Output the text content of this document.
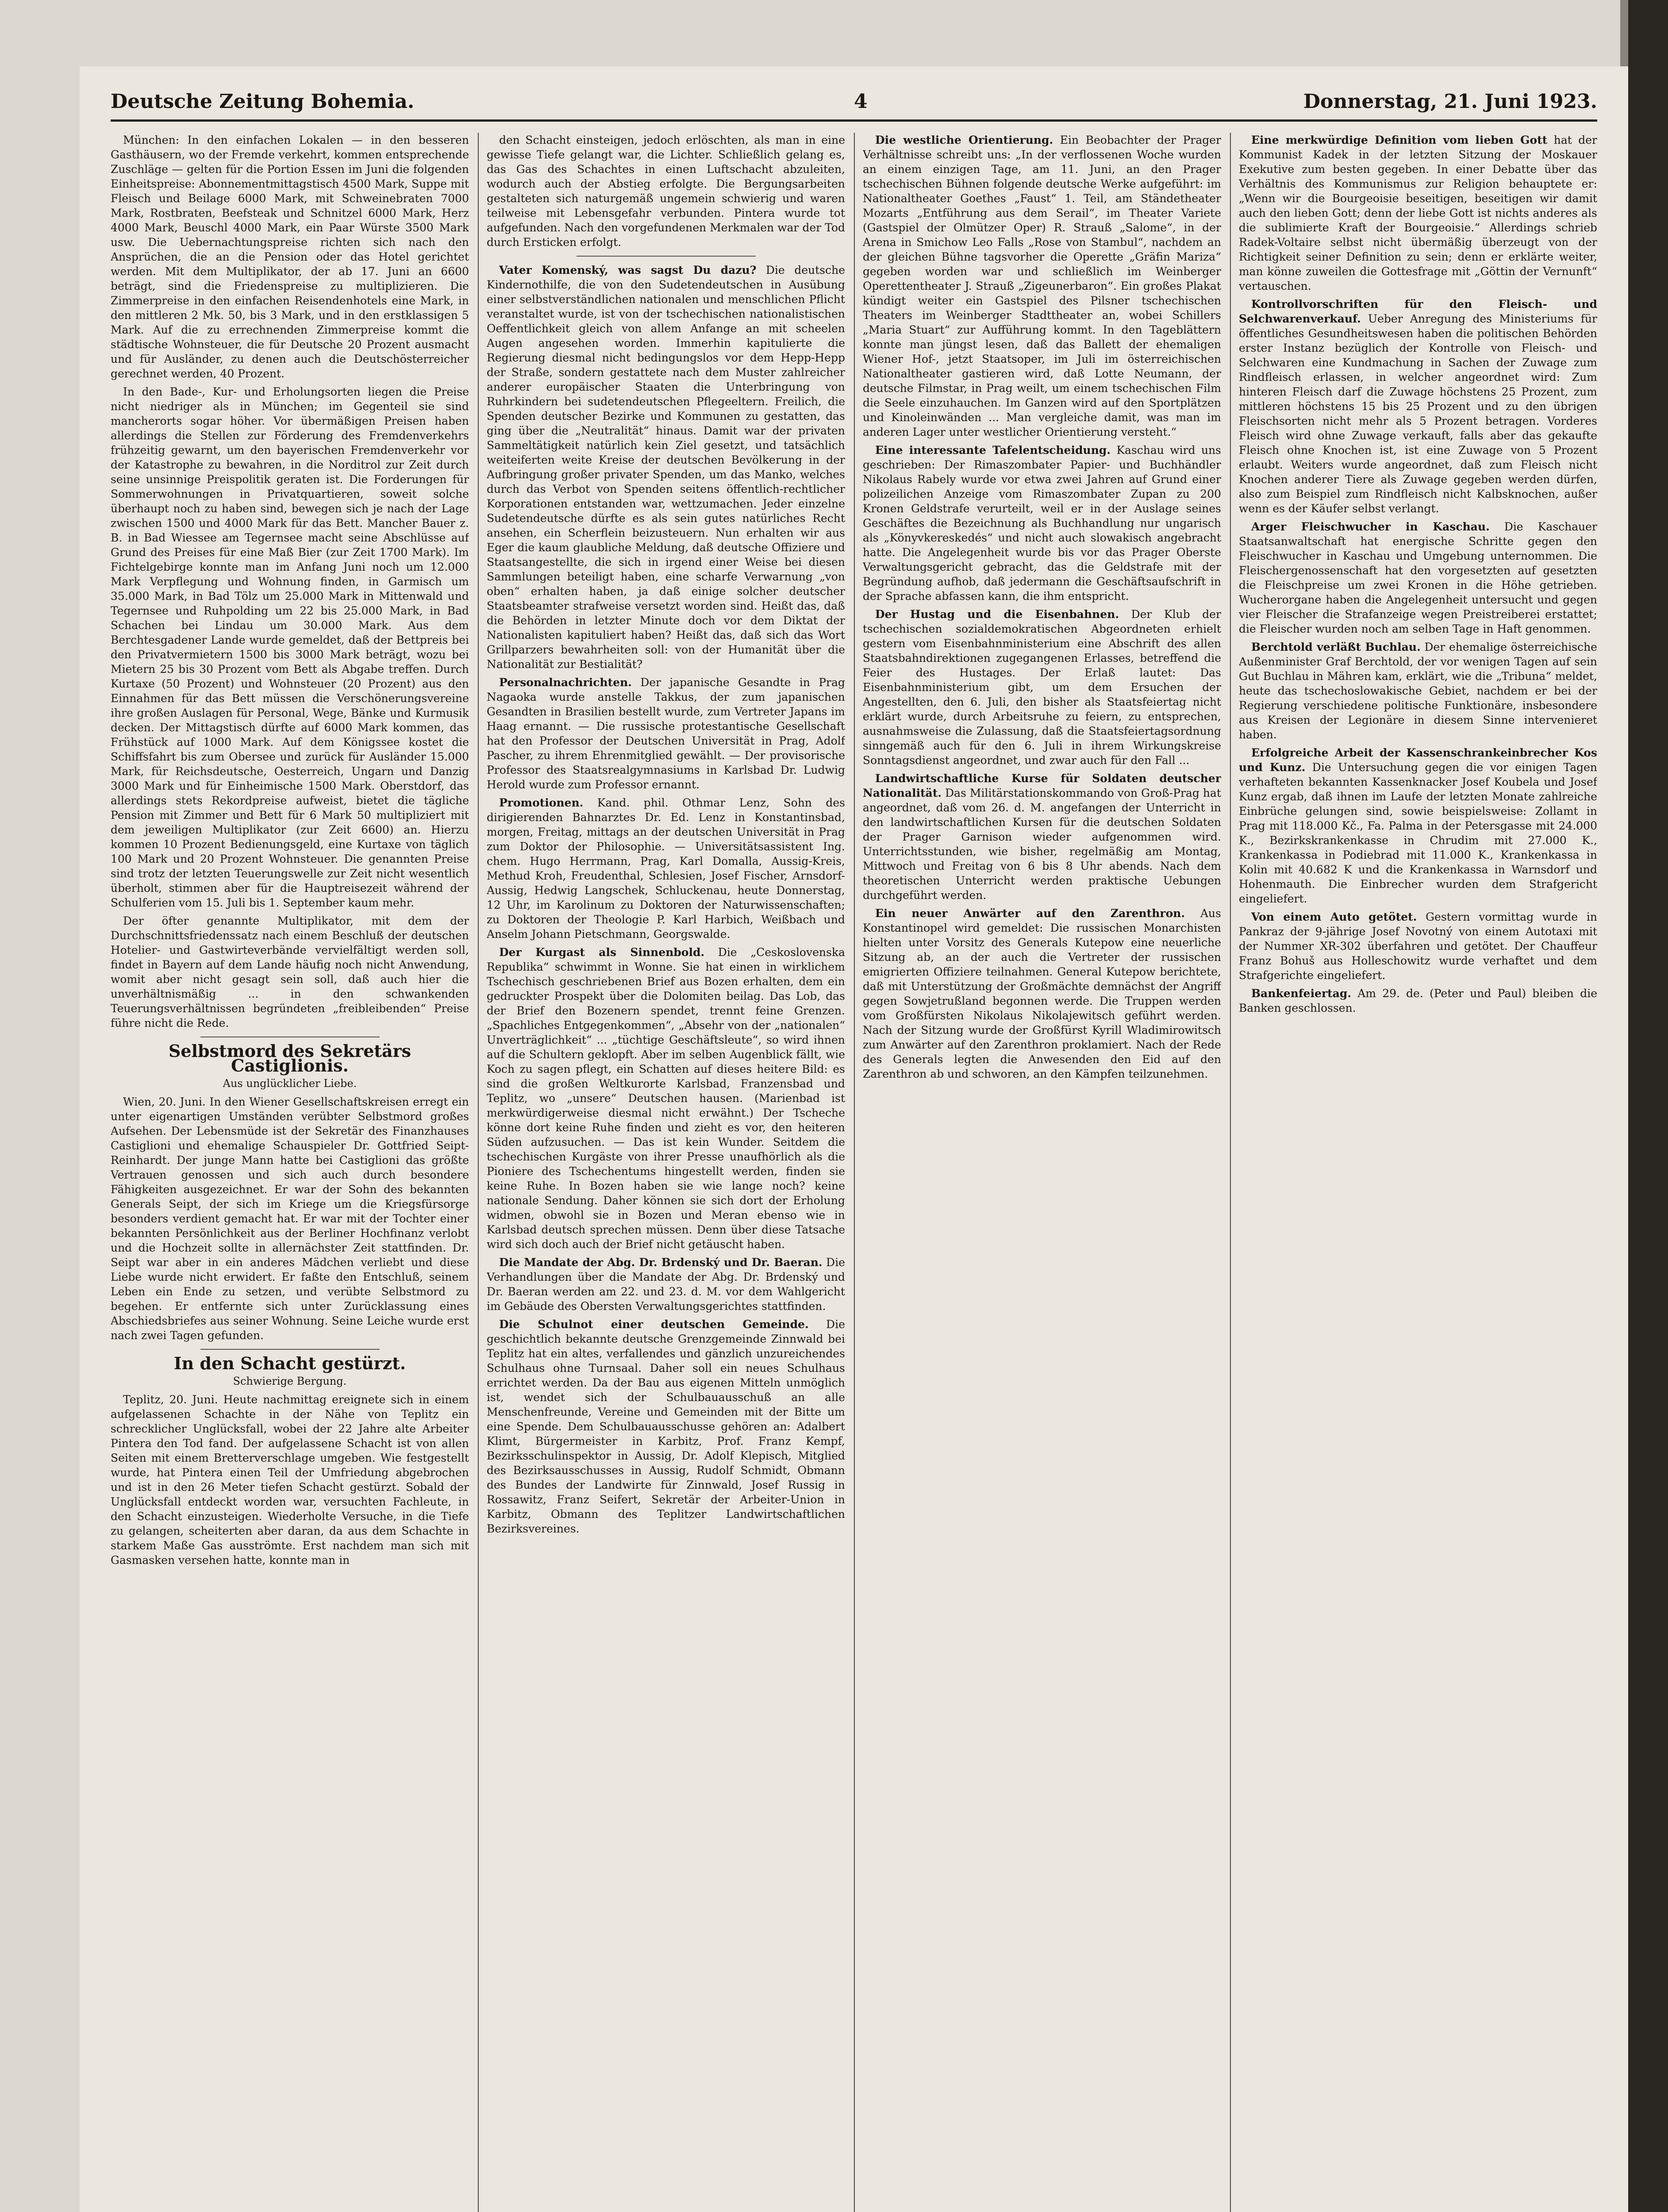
Deutsche Zeitung Bohemia.	4	Donnerstag, 21. Juni 1923.

München: In den einfachen Lokalen — in den besseren Gasthäusern, wo der Fremde verkehrt, kommen entsprechende Zuschläge — gelten für die Portion Essen im Juni die folgenden Einheitspreise: Abonnementmittagstisch 4500 Mark, Suppe mit Fleisch und Beilage 6000 Mark, mit Schweinebraten 7000 Mark, Rostbraten, Beefsteak und Schnitzel 6000 Mark, Herz 4000 Mark, Beuschl 4000 Mark, ein Paar Würste 3500 Mark usw. Die Uebernachtungspreise richten sich nach den Ansprüchen, die an die Pension oder das Hotel gerichtet werden. Mit dem Multiplikator, der ab 17. Juni an 6600 beträgt, sind die Friedenspreise zu multiplizieren. Die Zimmerpreise in den einfachen Reisendenhotels eine Mark, in den mittleren 2 Mk. 50, bis 3 Mark, und in den erstklassigen 5 Mark. Auf die zu errechnenden Zimmerpreise kommt die städtische Wohnsteuer, die für Deutsche 20 Prozent ausmacht und für Ausländer, zu denen auch die Deutschösterreicher gerechnet werden, 40 Prozent.

In den Bade-, Kur- und Erholungsorten liegen die Preise nicht niedriger als in München; im Gegenteil sie sind mancherorts sogar höher. Vor übermäßigen Preisen haben allerdings die Stellen zur Förderung des Fremdenverkehrs frühzeitig gewarnt, um den bayerischen Fremdenverkehr vor der Katastrophe zu bewahren, in die Norditrol zur Zeit durch seine unsinnige Preispolitik geraten ist. Die Forderungen für Sommerwohnungen in Privatquartieren, soweit solche überhaupt noch zu haben sind, bewegen sich je nach der Lage zwischen 1500 und 4000 Mark für das Bett. Mancher Bauer z. B. in Bad Wiessee am Tegernsee macht seine Abschlüsse auf Grund des Preises für eine Maß Bier (zur Zeit 1700 Mark). Im Fichtelgebirge konnte man im Anfang Juni noch um 12.000 Mark Verpflegung und Wohnung finden, in Garmisch um 35.000 Mark, in Bad Tölz um 25.000 Mark in Mittenwald und Tegernsee und Ruhpolding um 22 bis 25.000 Mark, in Bad Schachen bei Lindau um 30.000 Mark. Aus dem Berchtesgadener Lande wurde gemeldet, daß der Bettpreis bei den Privatvermietern 1500 bis 3000 Mark beträgt, wozu bei Mietern 25 bis 30 Prozent vom Bett als Abgabe treffen. Durch Kurtaxe (50 Prozent) und Wohnsteuer (20 Prozent) aus den Einnahmen für das Bett müssen die Verschönerungsvereine ihre großen Auslagen für Personal, Wege, Bänke und Kurmusik decken. Der Mittagstisch dürfte auf 6000 Mark kommen, das Frühstück auf 1000 Mark. Auf dem Königssee kostet die Schiffsfahrt bis zum Obersee und zurück für Ausländer 15.000 Mark, für Reichsdeutsche, Oesterreich, Ungarn und Danzig 3000 Mark und für Einheimische 1500 Mark. Oberstdorf, das allerdings stets Rekordpreise aufweist, bietet die tägliche Pension mit Zimmer und Bett für 6 Mark 50 multipliziert mit dem jeweiligen Multiplikator (zur Zeit 6600) an. Hierzu kommen 10 Prozent Bedienungsgeld, eine Kurtaxe von täglich 100 Mark und 20 Prozent Wohnsteuer. Die genannten Preise sind trotz der letzten Teuerungswelle zur Zeit nicht wesentlich überholt, stimmen aber für die Hauptreisezeit während der Schulferien vom 15. Juli bis 1. September kaum mehr.

Der öfter genannte Multiplikator, mit dem der Durchschnittsfriedenssatz nach einem Beschluß der deutschen Hotelier- und Gastwirteverbände vervielfältigt werden soll, findet in Bayern auf dem Lande häufig noch nicht Anwendung, womit aber nicht gesagt sein soll, daß auch hier die unverhältnismäßig ... in den schwankenden Teuerungsverhältnissen begründeten „freibleibenden“ Preise führe nicht die Rede.

Selbstmord des Sekretärs Castiglionis.

Aus unglücklicher Liebe.

Wien, 20. Juni. In den Wiener Gesellschaftskreisen erregt ein unter eigenartigen Umständen verübter Selbstmord großes Aufsehen. Der Lebensmüde ist der Sekretär des Finanzhauses Castiglioni und ehemalige Schauspieler Dr. Gottfried Seipt-Reinhardt. Der junge Mann hatte bei Castiglioni das größte Vertrauen genossen und sich auch durch besondere Fähigkeiten ausgezeichnet. Er war der Sohn des bekannten Generals Seipt, der sich im Kriege um die Kriegsfürsorge besonders verdient gemacht hat. Er war mit der Tochter einer bekannten Persönlichkeit aus der Berliner Hochfinanz verlobt und die Hochzeit sollte in allernächster Zeit stattfinden. Dr. Seipt war aber in ein anderes Mädchen verliebt und diese Liebe wurde nicht erwidert. Er faßte den Entschluß, seinem Leben ein Ende zu setzen, und verübte Selbstmord zu begehen. Er entfernte sich unter Zurücklassung eines Abschiedsbriefes aus seiner Wohnung. Seine Leiche wurde erst nach zwei Tagen gefunden.

In den Schacht gestürzt.

Schwierige Bergung.

Teplitz, 20. Juni. Heute nachmittag ereignete sich in einem aufgelassenen Schachte in der Nähe von Teplitz ein schrecklicher Unglücksfall, wobei der 22 Jahre alte Arbeiter Pintera den Tod fand. Der aufgelassene Schacht ist von allen Seiten mit einem Bretterverschlage umgeben. Wie festgestellt wurde, hat Pintera einen Teil der Umfriedung abgebrochen und ist in den 26 Meter tiefen Schacht gestürzt. Sobald der Unglücksfall entdeckt worden war, versuchten Fachleute, in den Schacht einzusteigen. Wiederholte Versuche, in die Tiefe zu gelangen, scheiterten aber daran, da aus dem Schachte in starkem Maße Gas ausströmte. Erst nachdem man sich mit Gasmasken versehen hatte, konnte man in

den Schacht einsteigen, jedoch erlöschten, als man in eine gewisse Tiefe gelangt war, die Lichter. Schließlich gelang es, das Gas des Schachtes in einen Luftschacht abzuleiten, wodurch auch der Abstieg erfolgte. Die Bergungsarbeiten gestalteten sich naturgemäß ungemein schwierig und waren teilweise mit Lebensgefahr verbunden. Pintera wurde tot aufgefunden. Nach den vorgefundenen Merkmalen war der Tod durch Ersticken erfolgt.

Vater Komenský, was sagst Du dazu? Die deutsche Kindernothilfe, die von den Sudetendeutschen in Ausübung einer selbstverständlichen nationalen und menschlichen Pflicht veranstaltet wurde, ist von der tschechischen nationalistischen Oeffentlichkeit gleich von allem Anfange an mit scheelen Augen angesehen worden. Immerhin kapitulierte die Regierung diesmal nicht bedingungslos vor dem Hepp-Hepp der Straße, sondern gestattete nach dem Muster zahlreicher anderer europäischer Staaten die Unterbringung von Ruhrkindern bei sudetendeutschen Pflegeeltern. Freilich, die Spenden deutscher Bezirke und Kommunen zu gestatten, das ging über die „Neutralität“ hinaus. Damit war der privaten Sammeltätigkeit natürlich kein Ziel gesetzt, und tatsächlich weiteiferten weite Kreise der deutschen Bevölkerung in der Aufbringung großer privater Spenden, um das Manko, welches durch das Verbot von Spenden seitens öffentlich-rechtlicher Korporationen entstanden war, wettzumachen. Jeder einzelne Sudetendeutsche dürfte es als sein gutes natürliches Recht ansehen, ein Scherflein beizusteuern. Nun erhalten wir aus Eger die kaum glaubliche Meldung, daß deutsche Offiziere und Staatsangestellte, die sich in irgend einer Weise bei diesen Sammlungen beteiligt haben, eine scharfe Verwarnung „von oben“ erhalten haben, ja daß einige solcher deutscher Staatsbeamter strafweise versetzt worden sind. Heißt das, daß die Behörden in letzter Minute doch vor dem Diktat der Nationalisten kapituliert haben? Heißt das, daß sich das Wort Grillparzers bewahrheiten soll: von der Humanität über die Nationalität zur Bestialität?

Personalnachrichten. Der japanische Gesandte in Prag Nagaoka wurde anstelle Takkus, der zum japanischen Gesandten in Brasilien bestellt wurde, zum Vertreter Japans im Haag ernannt. — Die russische protestantische Gesellschaft hat den Professor der Deutschen Universität in Prag, Adolf Pascher, zu ihrem Ehrenmitglied gewählt. — Der provisorische Professor des Staatsrealgymnasiums in Karlsbad Dr. Ludwig Herold wurde zum Professor ernannt.

Promotionen. Kand. phil. Othmar Lenz, Sohn des dirigierenden Bahnarztes Dr. Ed. Lenz in Konstantinsbad, morgen, Freitag, mittags an der deutschen Universität in Prag zum Doktor der Philosophie. — Universitätsassistent Ing. chem. Hugo Herrmann, Prag, Karl Domalla, Aussig-Kreis, Methud Kroh, Freudenthal, Schlesien, Josef Fischer, Arnsdorf-Aussig, Hedwig Langschek, Schluckenau, heute Donnerstag, 12 Uhr, im Karolinum zu Doktoren der Naturwissenschaften; zu Doktoren der Theologie P. Karl Harbich, Weißbach und Anselm Johann Pietschmann, Georgswalde.

Der Kurgast als Sinnenbold. Die „Ceskoslovenska Republika“ schwimmt in Wonne. Sie hat einen in wirklichem Tschechisch geschriebenen Brief aus Bozen erhalten, dem ein gedruckter Prospekt über die Dolomiten beilag. Das Lob, das der Brief den Bozenern spendet, trennt feine Grenzen. „Spachliches Entgegenkommen“, „Absehr von der „nationalen“ Unverträglichkeit“ ... „tüchtige Geschäftsleute“, so wird ihnen auf die Schultern geklopft. Aber im selben Augenblick fällt, wie Koch zu sagen pflegt, ein Schatten auf dieses heitere Bild: es sind die großen Weltkurorte Karlsbad, Franzensbad und Teplitz, wo „unsere“ Deutschen hausen. (Marienbad ist merkwürdigerweise diesmal nicht erwähnt.) Der Tscheche könne dort keine Ruhe finden und zieht es vor, den heiteren Süden aufzusuchen. — Das ist kein Wunder. Seitdem die tschechischen Kurgäste von ihrer Presse unaufhörlich als die Pioniere des Tschechentums hingestellt werden, finden sie keine Ruhe. In Bozen haben sie wie lange noch? keine nationale Sendung. Daher können sie sich dort der Erholung widmen, obwohl sie in Bozen und Meran ebenso wie in Karlsbad deutsch sprechen müssen. Denn über diese Tatsache wird sich doch auch der Brief nicht getäuscht haben.

Die Mandate der Abg. Dr. Brdenský und Dr. Baeran. Die Verhandlungen über die Mandate der Abg. Dr. Brdenský und Dr. Baeran werden am 22. und 23. d. M. vor dem Wahlgericht im Gebäude des Obersten Verwaltungsgerichtes stattfinden.

Die Schulnot einer deutschen Gemeinde. Die geschichtlich bekannte deutsche Grenzgemeinde Zinnwald bei Teplitz hat ein altes, verfallendes und gänzlich unzureichendes Schulhaus ohne Turnsaal. Daher soll ein neues Schulhaus errichtet werden. Da der Bau aus eigenen Mitteln unmöglich ist, wendet sich der Schulbauausschuß an alle Menschenfreunde, Vereine und Gemeinden mit der Bitte um eine Spende. Dem Schulbauausschusse gehören an: Adalbert Klimt, Bürgermeister in Karbitz, Prof. Franz Kempf, Bezirksschulinspektor in Aussig, Dr. Adolf Klepisch, Mitglied des Bezirksausschusses in Aussig, Rudolf Schmidt, Obmann des Bundes der Landwirte für Zinnwald, Josef Russig in Rossawitz, Franz Seifert, Sekretär der Arbeiter-Union in Karbitz, Obmann des Teplitzer Landwirtschaftlichen Bezirksvereines.

Die westliche Orientierung. Ein Beobachter der Prager Verhältnisse schreibt uns: „In der verflossenen Woche wurden an einem einzigen Tage, am 11. Juni, an den Prager tschechischen Bühnen folgende deutsche Werke aufgeführt: im Nationaltheater Goethes „Faust“ 1. Teil, am Ständetheater Mozarts „Entführung aus dem Serail“, im Theater Variete (Gastspiel der Olmützer Oper) R. Strauß „Salome“, in der Arena in Smichow Leo Falls „Rose von Stambul“, nachdem an der gleichen Bühne tagsvorher die Operette „Gräfin Mariza“ gegeben worden war und schließlich im Weinberger Operettentheater J. Strauß „Zigeunerbaron“. Ein großes Plakat kündigt weiter ein Gastspiel des Pilsner tschechischen Theaters im Weinberger Stadttheater an, wobei Schillers „Maria Stuart“ zur Aufführung kommt. In den Tageblättern konnte man jüngst lesen, daß das Ballett der ehemaligen Wiener Hof-, jetzt Staatsoper, im Juli im österreichischen Nationaltheater gastieren wird, daß Lotte Neumann, der deutsche Filmstar, in Prag weilt, um einem tschechischen Film die Seele einzuhauchen. Im Ganzen wird auf den Sportplätzen und Kinoleinwänden ... Man vergleiche damit, was man im anderen Lager unter westlicher Orientierung versteht.“

Eine interessante Tafelentscheidung. Kaschau wird uns geschrieben: Der Rimaszombater Papier- und Buchhändler Nikolaus Rabely wurde vor etwa zwei Jahren auf Grund einer polizeilichen Anzeige vom Rimaszombater Zupan zu 200 Kronen Geldstrafe verurteilt, weil er in der Auslage seines Geschäftes die Bezeichnung als Buchhandlung nur ungarisch als „Könyvkereskedés“ und nicht auch slowakisch angebracht hatte. Die Angelegenheit wurde bis vor das Prager Oberste Verwaltungsgericht gebracht, das die Geldstrafe mit der Begründung aufhob, daß jedermann die Geschäftsaufschrift in der Sprache abfassen kann, die ihm entspricht.

Der Hustag und die Eisenbahnen. Der Klub der tschechischen sozialdemokratischen Abgeordneten erhielt gestern vom Eisenbahnministerium eine Abschrift des allen Staatsbahndirektionen zugegangenen Erlasses, betreffend die Feier des Hustages. Der Erlaß lautet: Das Eisenbahnministerium gibt, um dem Ersuchen der Angestellten, den 6. Juli, den bisher als Staatsfeiertag nicht erklärt wurde, durch Arbeitsruhe zu feiern, zu entsprechen, ausnahmsweise die Zulassung, daß die Staatsfeiertagsordnung sinngemäß auch für den 6. Juli in ihrem Wirkungskreise Sonntagsdienst angeordnet, und zwar auch für den Fall ...

Landwirtschaftliche Kurse für Soldaten deutscher Nationalität. Das Militärstationskommando von Groß-Prag hat angeordnet, daß vom 26. d. M. angefangen der Unterricht in den landwirtschaftlichen Kursen für die deutschen Soldaten der Prager Garnison wieder aufgenommen wird. Unterrichtsstunden, wie bisher, regelmäßig am Montag, Mittwoch und Freitag von 6 bis 8 Uhr abends. Nach dem theoretischen Unterricht werden praktische Uebungen durchgeführt werden.

Ein neuer Anwärter auf den Zarenthron. Aus Konstantinopel wird gemeldet: Die russischen Monarchisten hielten unter Vorsitz des Generals Kutepow eine neuerliche Sitzung ab, an der auch die Vertreter der russischen emigrierten Offiziere teilnahmen. General Kutepow berichtete, daß mit Unterstützung der Großmächte demnächst der Angriff gegen Sowjetrußland begonnen werde. Die Truppen werden vom Großfürsten Nikolaus Nikolajewitsch geführt werden. Nach der Sitzung wurde der Großfürst Kyrill Wladimirowitsch zum Anwärter auf den Zarenthron proklamiert. Nach der Rede des Generals legten die Anwesenden den Eid auf den Zarenthron ab und schworen, an den Kämpfen teilzunehmen.

Eine merkwürdige Definition vom lieben Gott hat der Kommunist Kadek in der letzten Sitzung der Moskauer Exekutive zum besten gegeben. In einer Debatte über das Verhältnis des Kommunismus zur Religion behauptete er: „Wenn wir die Bourgeoisie beseitigen, beseitigen wir damit auch den lieben Gott; denn der liebe Gott ist nichts anderes als die sublimierte Kraft der Bourgeoisie.“ Allerdings schrieb Radek-Voltaire selbst nicht übermäßig überzeugt von der Richtigkeit seiner Definition zu sein; denn er erklärte weiter, man könne zuweilen die Gottesfrage mit „Göttin der Vernunft“ vertauschen.

Kontrollvorschriften für den Fleisch- und Selchwarenverkauf. Ueber Anregung des Ministeriums für öffentliches Gesundheitswesen haben die politischen Behörden erster Instanz bezüglich der Kontrolle von Fleisch- und Selchwaren eine Kundmachung in Sachen der Zuwage zum Rindfleisch erlassen, in welcher angeordnet wird: Zum hinteren Fleisch darf die Zuwage höchstens 25 Prozent, zum mittleren höchstens 15 bis 25 Prozent und zu den übrigen Fleischsorten nicht mehr als 5 Prozent betragen. Vorderes Fleisch wird ohne Zuwage verkauft, falls aber das gekaufte Fleisch ohne Knochen ist, ist eine Zuwage von 5 Prozent erlaubt. Weiters wurde angeordnet, daß zum Fleisch nicht Knochen anderer Tiere als Zuwage gegeben werden dürfen, also zum Beispiel zum Rindfleisch nicht Kalbsknochen, außer wenn es der Käufer selbst verlangt.

Arger Fleischwucher in Kaschau. Die Kaschauer Staatsanwaltschaft hat energische Schritte gegen den Fleischwucher in Kaschau und Umgebung unternommen. Die Fleischergenossenschaft hat den vorgesetzten auf gesetzten die Fleischpreise um zwei Kronen in die Höhe getrieben. Wucherorgane haben die Angelegenheit untersucht und gegen vier Fleischer die Strafanzeige wegen Preistreiberei erstattet; die Fleischer wurden noch am selben Tage in Haft genommen.

Berchtold verläßt Buchlau. Der ehemalige österreichische Außenminister Graf Berchtold, der vor wenigen Tagen auf sein Gut Buchlau in Mähren kam, erklärt, wie die „Tribuna“ meldet, heute das tschechoslowakische Gebiet, nachdem er bei der Regierung verschiedene politische Funktionäre, insbesondere aus Kreisen der Legionäre in diesem Sinne intervenieret haben.

Erfolgreiche Arbeit der Kassenschrankeinbrecher Kos und Kunz. Die Untersuchung gegen die vor einigen Tagen verhafteten bekannten Kassenknacker Josef Koubela und Josef Kunz ergab, daß ihnen im Laufe der letzten Monate zahlreiche Einbrüche gelungen sind, sowie beispielsweise: Zollamt in Prag mit 118.000 Kč., Fa. Palma in der Petersgasse mit 24.000 K., Bezirkskrankenkasse in Chrudim mit 27.000 K., Krankenkassa in Podiebrad mit 11.000 K., Krankenkassa in Kolin mit 40.682 K und die Krankenkassa in Warnsdorf und Hohenmauth. Die Einbrecher wurden dem Strafgericht eingeliefert.

Von einem Auto getötet. Gestern vormittag wurde in Pankraz der 9-jährige Josef Novotný von einem Autotaxi mit der Nummer XR-302 überfahren und getötet. Der Chauffeur Franz Bohuš aus Holleschowitz wurde verhaftet und dem Strafgerichte eingeliefert.

Bankenfeiertag. Am 29. de. (Peter und Paul) bleiben die Banken geschlossen.
